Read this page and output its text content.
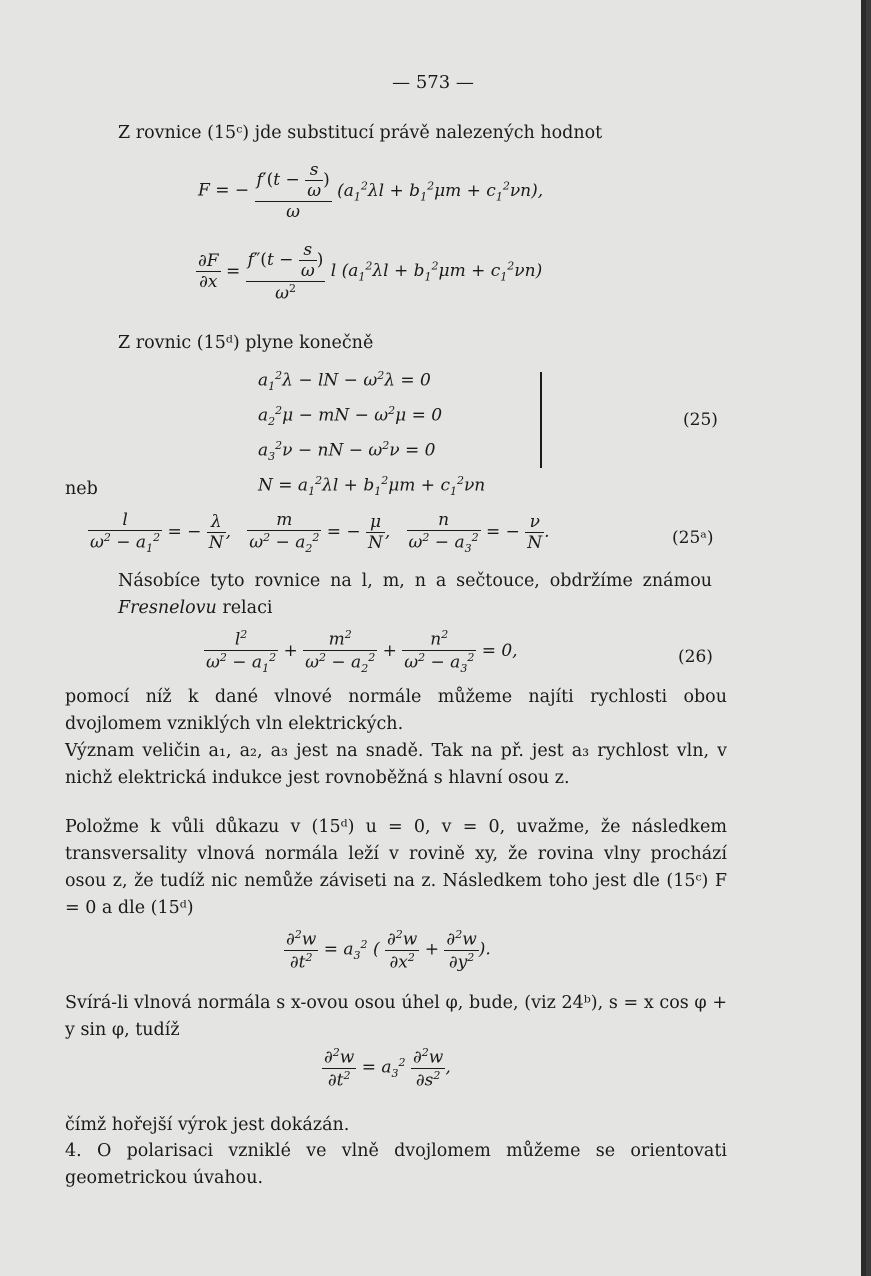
— 573 —
Z rovnice (15ᶜ) jde substitucí právě nalezených hodnot
F = − $\frac{f'(t - \frac{s}{\omega} )}{\omega} (a_1^2\lambda l + b_1^2\mu m + c_1^2\nu n)$,
$\frac{\partial F}{\partial x} = \frac{f''(t - \frac{s}{\omega} )}{\omega^2}$ l $(a_1^2\lambda l + b_1^2\mu m + c_1^2\nu n)$
Z rovnic (15ᵈ) plyne konečně
$a_1^2\lambda$ − lN − $\omega^2\lambda = 0$
$a_2^2\mu$ − mN − $\omega^2\mu = 0$
$a_3^2\nu$ − nN − $\omega^2\nu = 0$
$N = a_1^2\lambda l + b_1^2\mu m + c_1^2\nu n$
(25)
neb
$\frac{l}{\omega^2 - a_1^2}$ = − $\frac{\lambda}{N}$ , $\frac{m}{\omega^2 - a_2^2}$ = − $\frac{\mu}{N}$ , $\frac{n}{\omega^2 - a_3^2}$ = − $\frac{\nu}{N}$ .	(25ᵃ)
Násobíce tyto rovnice na l, m, n a sečtouce, obdržíme známou Fresnelovu relaci
$\frac{l^2}{\omega^2 - a_1^2} + \frac{m^2}{\omega^2 - a_2^2} + \frac{n^2}{\omega^2 - a_3^2} = 0$,	(26)
pomocí níž k dané vlnové normále můžeme najíti rychlosti obou dvojlomem vzniklých vln elektrických.
Význam veličin a₁, a₂, a₃ jest na snadě. Tak na př. jest a₃ rychlost vln, v nichž elektrická indukce jest rovnoběžná s hlavní osou z.
Položme k vůli důkazu v (15ᵈ) u = 0, v = 0, uvažme, že následkem transversality vlnová normála leží v rovině xy, že rovina vlny prochází osou z, že tudíž nic nemůže záviseti na z. Následkem toho jest dle (15ᶜ) F = 0 a dle (15ᵈ)
$\frac{\partial^2w}{\partial t^2} = a_3^2$ ( $\frac{\partial^2w}{\partial x^2} + \frac{\partial^2w}{\partial y^2}$ ).
Svírá-li vlnová normála s x-ovou osou úhel φ, bude, (viz 24ᵇ), s = x cos φ + y sin φ, tudíž
$\frac{\partial^2w}{\partial t^2} = a_3^2 \frac{\partial^2w}{\partial s^2}$ ,
čímž hořejší výrok jest dokázán.
4. O polarisaci vzniklé ve vlně dvojlomem můžeme se orientovati geometrickou úvahou.
